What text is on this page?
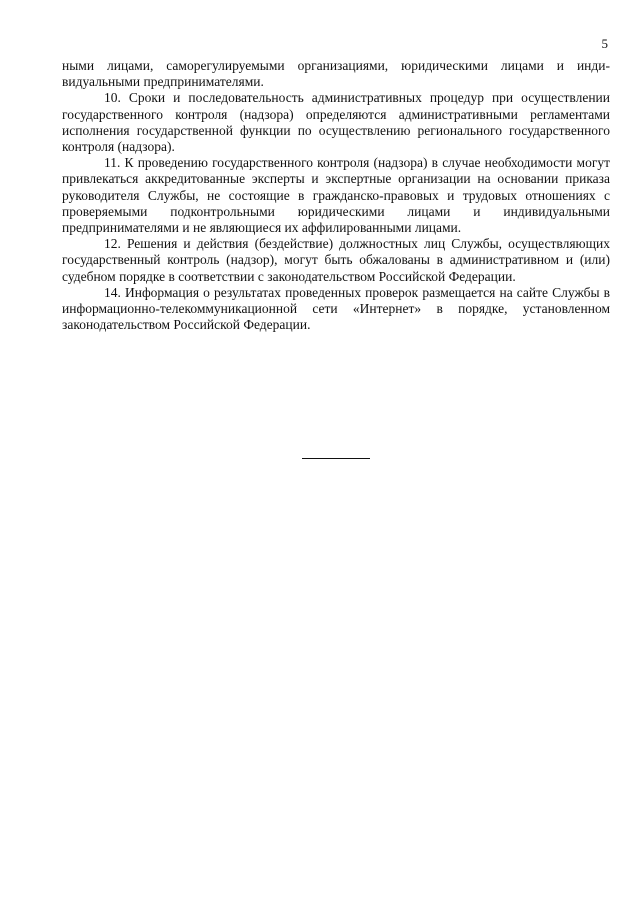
5

ными лицами, саморегулируемыми организациями, юридическими лицами и индивидуальными предпринимателями.

10. Сроки и последовательность административных процедур при осуществлении государственного контроля (надзора) определяются административными регламентами исполнения государственной функции по осуществлению регионального государственного контроля (надзора).

11. К проведению государственного контроля (надзора) в случае необходимости могут привлекаться аккредитованные эксперты и экспертные организации на основании приказа руководителя Службы, не состоящие в гражданско-правовых и трудовых отношениях с проверяемыми подконтрольными юридическими лицами и индивидуальными предпринимателями и не являющиеся их аффилированными лицами.

12. Решения и действия (бездействие) должностных лиц Службы, осуществляющих государственный контроль (надзор), могут быть обжалованы в административном и (или) судебном порядке в соответствии с законодательством Российской Федерации.

14. Информация о результатах проведенных проверок размещается на сайте Службы в информационно-телекоммуникационной сети «Интернет» в порядке, установленном законодательством Российской Федерации.
